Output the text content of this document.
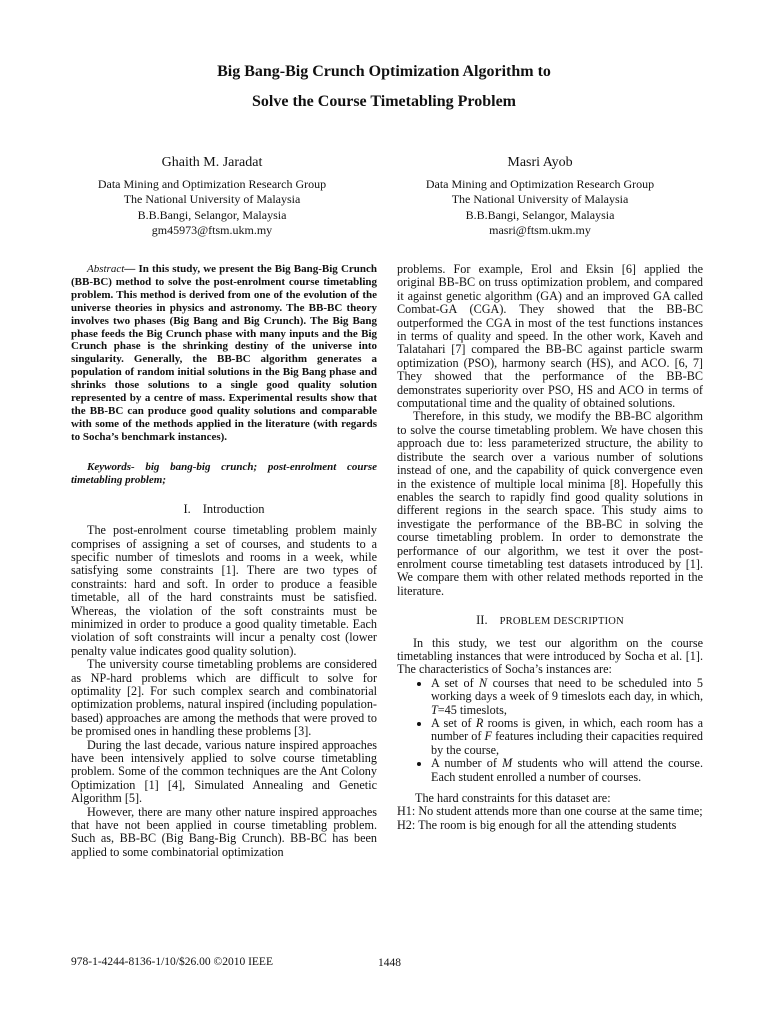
Big Bang-Big Crunch Optimization Algorithm to
Solve the Course Timetabling Problem
Ghaith M. Jaradat
Data Mining and Optimization Research Group
The National University of Malaysia
B.B.Bangi, Selangor, Malaysia
gm45973@ftsm.ukm.my
Masri Ayob
Data Mining and Optimization Research Group
The National University of Malaysia
B.B.Bangi, Selangor, Malaysia
masri@ftsm.ukm.my

Abstract— In this study, we present the Big Bang-Big Crunch (BB-BC) method to solve the post-enrolment course timetabling problem. This method is derived from one of the evolution of the universe theories in physics and astronomy. The BB-BC theory involves two phases (Big Bang and Big Crunch). The Big Bang phase feeds the Big Crunch phase with many inputs and the Big Crunch phase is the shrinking destiny of the universe into singularity. Generally, the BB-BC algorithm generates a population of random initial solutions in the Big Bang phase and shrinks those solutions to a single good quality solution represented by a centre of mass. Experimental results show that the BB-BC can produce good quality solutions and comparable with some of the methods applied in the literature (with regards to Socha’s benchmark instances).

Keywords- big bang-big crunch; post-enrolment course timetabling problem;

I. Introduction

The post-enrolment course timetabling problem mainly comprises of assigning a set of courses, and students to a specific number of timeslots and rooms in a week, while satisfying some constraints [1]. There are two types of constraints: hard and soft. In order to produce a feasible timetable, all of the hard constraints must be satisfied. Whereas, the violation of the soft constraints must be minimized in order to produce a good quality timetable. Each violation of soft constraints will incur a penalty cost (lower penalty value indicates good quality solution).

The university course timetabling problems are considered as NP-hard problems which are difficult to solve for optimality [2]. For such complex search and combinatorial optimization problems, natural inspired (including population-based) approaches are among the methods that were proved to be promised ones in handling these problems [3].

During the last decade, various nature inspired approaches have been intensively applied to solve course timetabling problem. Some of the common techniques are the Ant Colony Optimization [1] [4], Simulated Annealing and Genetic Algorithm [5].

However, there are many other nature inspired approaches that have not been applied in course timetabling problem. Such as, BB-BC (Big Bang-Big Crunch). BB-BC has been applied to some combinatorial optimization

problems. For example, Erol and Eksin [6] applied the original BB-BC on truss optimization problem, and compared it against genetic algorithm (GA) and an improved GA called Combat-GA (CGA). They showed that the BB-BC outperformed the CGA in most of the test functions instances in terms of quality and speed. In the other work, Kaveh and Talatahari [7] compared the BB-BC against particle swarm optimization (PSO), harmony search (HS), and ACO. [6, 7] They showed that the performance of the BB-BC demonstrates superiority over PSO, HS and ACO in terms of computational time and the quality of obtained solutions.

Therefore, in this study, we modify the BB-BC algorithm to solve the course timetabling problem. We have chosen this approach due to: less parameterized structure, the ability to distribute the search over a various number of solutions instead of one, and the capability of quick convergence even in the existence of multiple local minima [8]. Hopefully this enables the search to rapidly find good quality solutions in different regions in the search space. This study aims to investigate the performance of the BB-BC in solving the course timetabling problem. In order to demonstrate the performance of our algorithm, we test it over the post-enrolment course timetabling test datasets introduced by [1]. We compare them with other related methods reported in the literature.

II. PROBLEM DESCRIPTION

In this study, we test our algorithm on the course timetabling instances that were introduced by Socha et al. [1]. The characteristics of Socha’s instances are:

• A set of N courses that need to be scheduled into 5 working days a week of 9 timeslots each day, in which, T=45 timeslots,
• A set of R rooms is given, in which, each room has a number of F features including their capacities required by the course,
• A number of M students who will attend the course. Each student enrolled a number of courses.

The hard constraints for this dataset are:

H1: No student attends more than one course at the same time;

H2: The room is big enough for all the attending students

978-1-4244-8136-1/10/$26.00 ©2010 IEEE	1448
